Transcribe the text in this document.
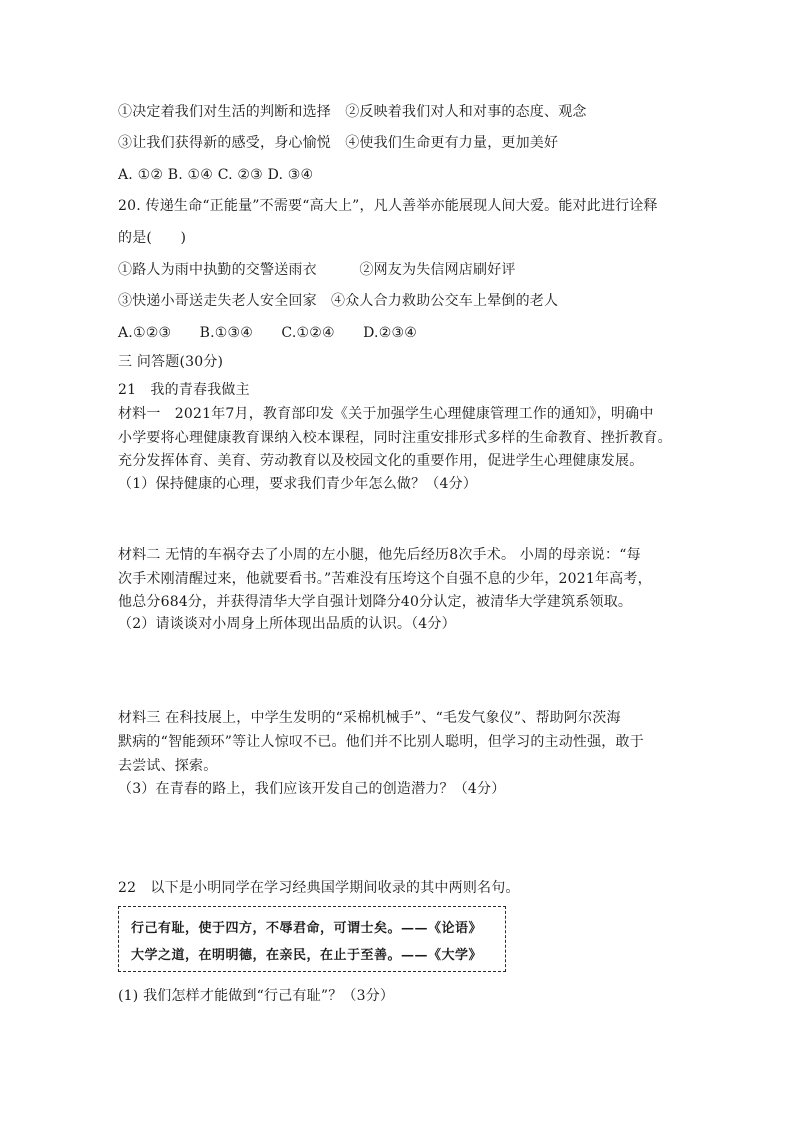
①决定着我们对生活的判断和选择　②反映着我们对人和对事的态度、观念
③让我们获得新的感受，身心愉悦　④使我们生命更有力量，更加美好
A. ①② B. ①④ C. ②③ D. ③④
20. 传递生命“正能量”不需要“高大上”，凡人善举亦能展现人间大爱。能对此进行诠释
的是(　　)
①路人为雨中执勤的交警送雨衣　　　②网友为失信网店刷好评
③快递小哥送走失老人安全回家　④众人合力救助公交车上晕倒的老人
A.①②③　　B.①③④　　C.①②④　　D.②③④
三 问答题(30分)
21　我的青春我做主
材料一　2021年7月，教育部印发《关于加强学生心理健康管理工作的通知》，明确中
小学要将心理健康教育课纳入校本课程，同时注重安排形式多样的生命教育、挫折教育。
充分发挥体育、美育、劳动教育以及校园文化的重要作用，促进学生心理健康发展。
（1）保持健康的心理，要求我们青少年怎么做？（4分）
材料二 无情的车祸夺去了小周的左小腿，他先后经历8次手术。 小周的母亲说：“每
次手术刚清醒过来，他就要看书。”苦难没有压垮这个自强不息的少年，2021年高考，
他总分684分，并获得清华大学自强计划降分40分认定，被清华大学建筑系领取。
（2）请谈谈对小周身上所体现出品质的认识。（4分）
材料三 在科技展上，中学生发明的“采棉机械手”、“毛发气象仪”、帮助阿尔茨海
默病的“智能颈环”等让人惊叹不已。他们并不比别人聪明，但学习的主动性强，敢于
去尝试、探索。
（3）在青春的路上，我们应该开发自己的创造潜力？（4分）
22　以下是小明同学在学习经典国学期间收录的其中两则名句。
行己有耻，使于四方，不辱君命，可谓士矣。——《论语》
大学之道，在明明德，在亲民，在止于至善。——《大学》
(1) 我们怎样才能做到“行己有耻”？（3分）
